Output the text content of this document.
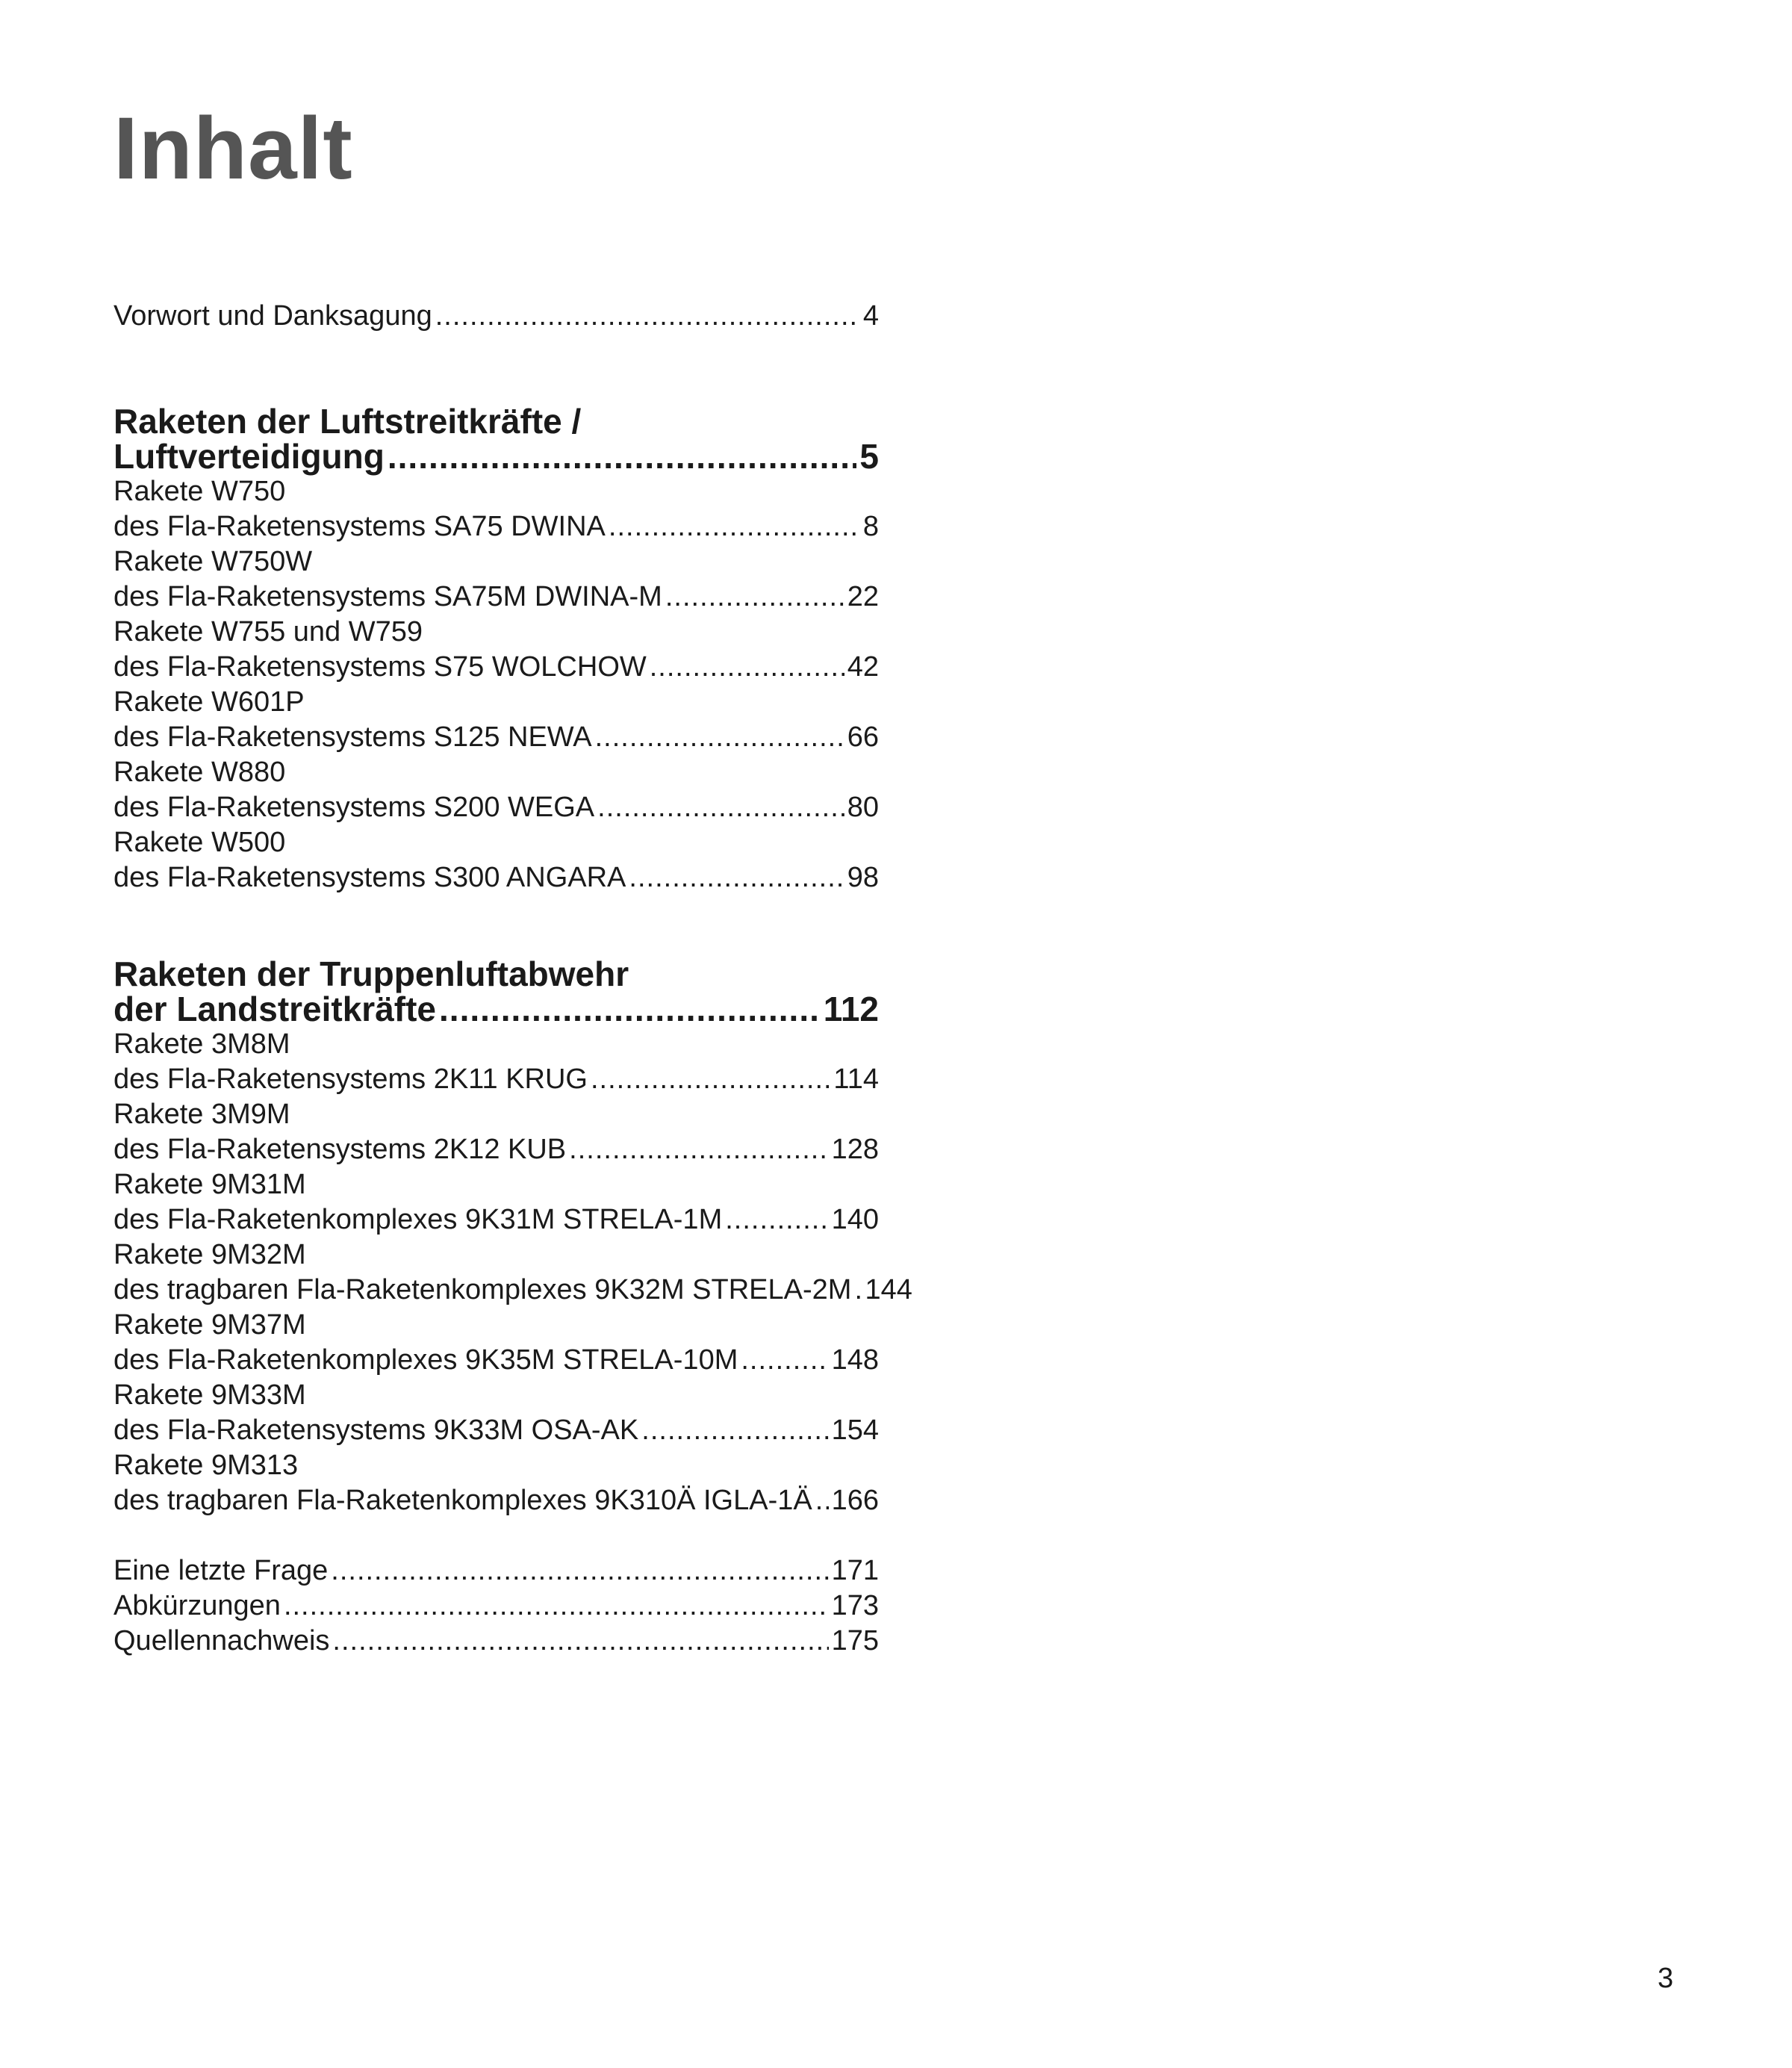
Inhalt
Vorwort und Danksagung .....	4
Raketen der Luftstreitkräfte /
Luftverteidigung .....	5
Rakete W750
des Fla-Raketensystems SA75 DWINA .....	8
Rakete W750W
des Fla-Raketensystems SA75M DWINA-M .....	22
Rakete W755 und W759
des Fla-Raketensystems S75 WOLCHOW .....	42
Rakete W601P
des Fla-Raketensystems S125 NEWA .....	66
Rakete W880
des Fla-Raketensystems S200 WEGA .....	80
Rakete W500
des Fla-Raketensystems S300 ANGARA .....	98
Raketen der Truppenluftabwehr
der Landstreitkräfte .....	112
Rakete 3M8M
des Fla-Raketensystems 2K11 KRUG .....	114
Rakete 3M9M
des Fla-Raketensystems 2K12 KUB .....	128
Rakete 9M31M
des Fla-Raketenkomplexes 9K31M STRELA-1M .....	140
Rakete 9M32M
des tragbaren Fla-Raketenkomplexes 9K32M STRELA-2M ..... 144
Rakete 9M37M
des Fla-Raketenkomplexes 9K35M STRELA-10M .....	148
Rakete 9M33M
des Fla-Raketensystems 9K33M OSA-AK .....	154
Rakete 9M313
des tragbaren Fla-Raketenkomplexes 9K310Ä IGLA-1Ä ..... 166
Eine letzte Frage .....	171
Abkürzungen .....	173
Quellennachweis .....	175
3
